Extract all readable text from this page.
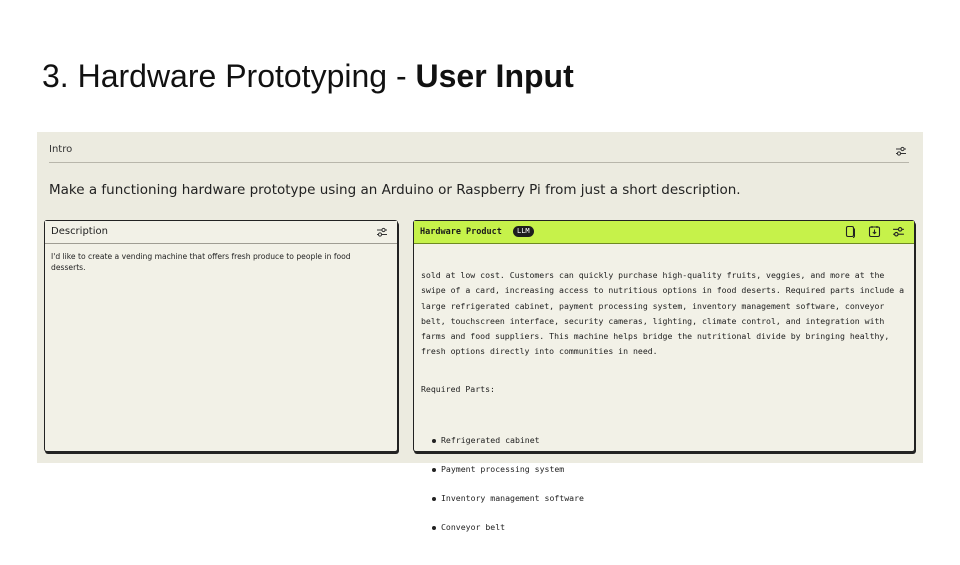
3. Hardware Prototyping - User Input
Intro
Make a functioning hardware prototype using an Arduino or Raspberry Pi from just a short description.
Description
I'd like to create a vending machine that offers fresh produce to people in food desserts.
Hardware Product	LLM

sold at low cost. Customers can quickly purchase high-quality fruits, veggies, and more at the swipe of a card, increasing access to nutritious options in food deserts. Required parts include a large refrigerated cabinet, payment processing system, inventory management software, conveyor belt, touchscreen interface, security cameras, lighting, climate control, and integration with farms and food suppliers. This machine helps bridge the nutritional divide by bringing healthy, fresh options directly into communities in need.

Required Parts:

Refrigerated cabinet

Payment processing system

Inventory management software

Conveyor belt
